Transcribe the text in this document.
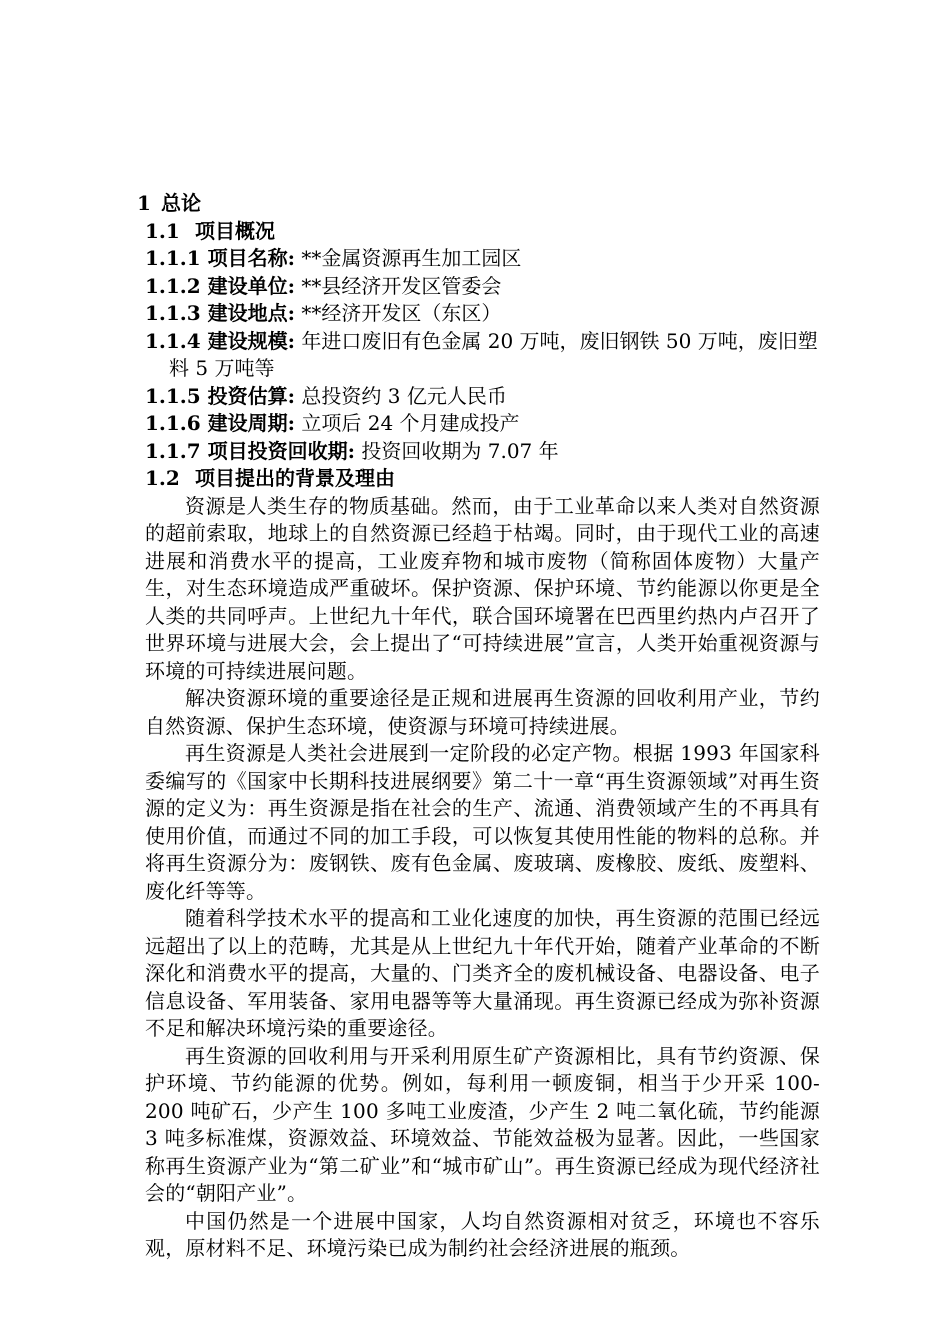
1 总论
1.1 项目概况
1.1.1 项目名称: **金属资源再生加工园区
1.1.2 建设单位: **县经济开发区管委会
1.1.3 建设地点: **经济开发区（东区）
1.1.4 建设规模: 年进口废旧有色金属 20 万吨，废旧钢铁 50 万吨，废旧塑料 5 万吨等
1.1.5 投资估算: 总投资约 3 亿元人民币
1.1.6 建设周期: 立项后 24 个月建成投产
1.1.7 项目投资回收期: 投资回收期为 7.07 年
1.2 项目提出的背景及理由
资源是人类生存的物质基础。然而，由于工业革命以来人类对自然资源的超前索取，地球上的自然资源已经趋于枯竭。同时，由于现代工业的高速进展和消费水平的提高，工业废弃物和城市废物（简称固体废物）大量产生，对生态环境造成严重破坏。保护资源、保护环境、节约能源以你更是全人类的共同呼声。上世纪九十年代，联合国环境署在巴西里约热内卢召开了世界环境与进展大会，会上提出了“可持续进展”宣言，人类开始重视资源与环境的可持续进展问题。
解决资源环境的重要途径是正规和进展再生资源的回收利用产业，节约自然资源、保护生态环境，使资源与环境可持续进展。
再生资源是人类社会进展到一定阶段的必定产物。根据 1993 年国家科委编写的《国家中长期科技进展纲要》第二十一章“再生资源领域”对再生资源的定义为：再生资源是指在社会的生产、流通、消费领域产生的不再具有使用价值，而通过不同的加工手段，可以恢复其使用性能的物料的总称。并将再生资源分为：废钢铁、废有色金属、废玻璃、废橡胶、废纸、废塑料、废化纤等等。
随着科学技术水平的提高和工业化速度的加快，再生资源的范围已经远远超出了以上的范畴，尤其是从上世纪九十年代开始，随着产业革命的不断深化和消费水平的提高，大量的、门类齐全的废机械设备、电器设备、电子信息设备、军用装备、家用电器等等大量涌现。再生资源已经成为弥补资源不足和解决环境污染的重要途径。
再生资源的回收利用与开采利用原生矿产资源相比，具有节约资源、保护环境、节约能源的优势。例如，每利用一顿废铜，相当于少开采 100-200 吨矿石，少产生 100 多吨工业废渣，少产生 2 吨二氧化硫，节约能源 3 吨多标准煤，资源效益、环境效益、节能效益极为显著。因此，一些国家称再生资源产业为“第二矿业”和“城市矿山”。再生资源已经成为现代经济社会的“朝阳产业”。
中国仍然是一个进展中国家，人均自然资源相对贫乏，环境也不容乐观，原材料不足、环境污染已成为制约社会经济进展的瓶颈。
